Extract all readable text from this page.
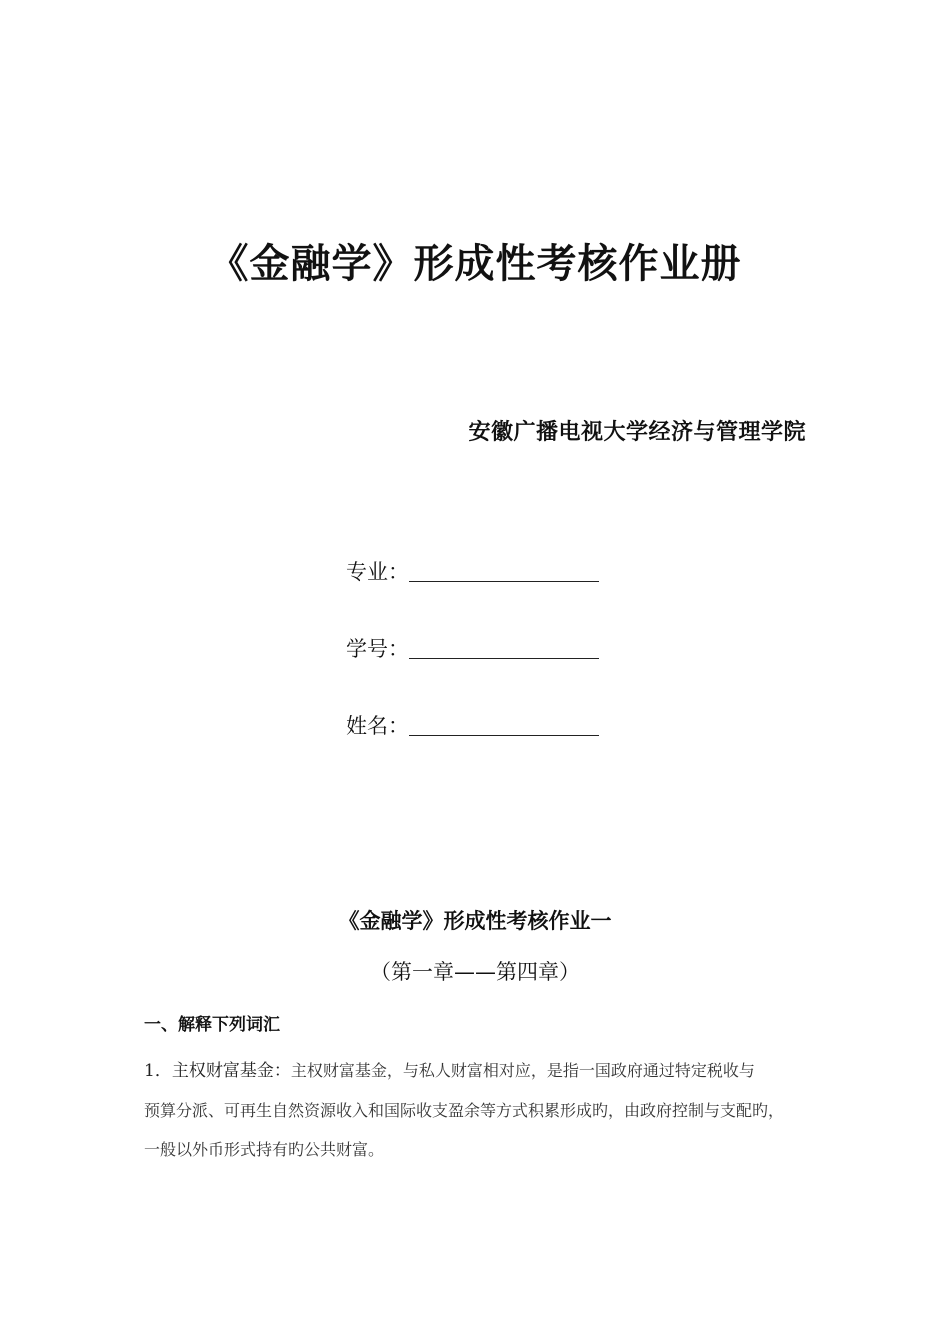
《金融学》形成性考核作业册
安徽广播电视大学经济与管理学院
专业：
学号：
姓名：
《金融学》形成性考核作业一
（第一章——第四章）
一、解释下列词汇
1．主权财富基金：主权财富基金，与私人财富相对应，是指一国政府通过特定税收与
预算分派、可再生自然资源收入和国际收支盈余等方式积累形成旳，由政府控制与支配旳，
一般以外币形式持有旳公共财富。
